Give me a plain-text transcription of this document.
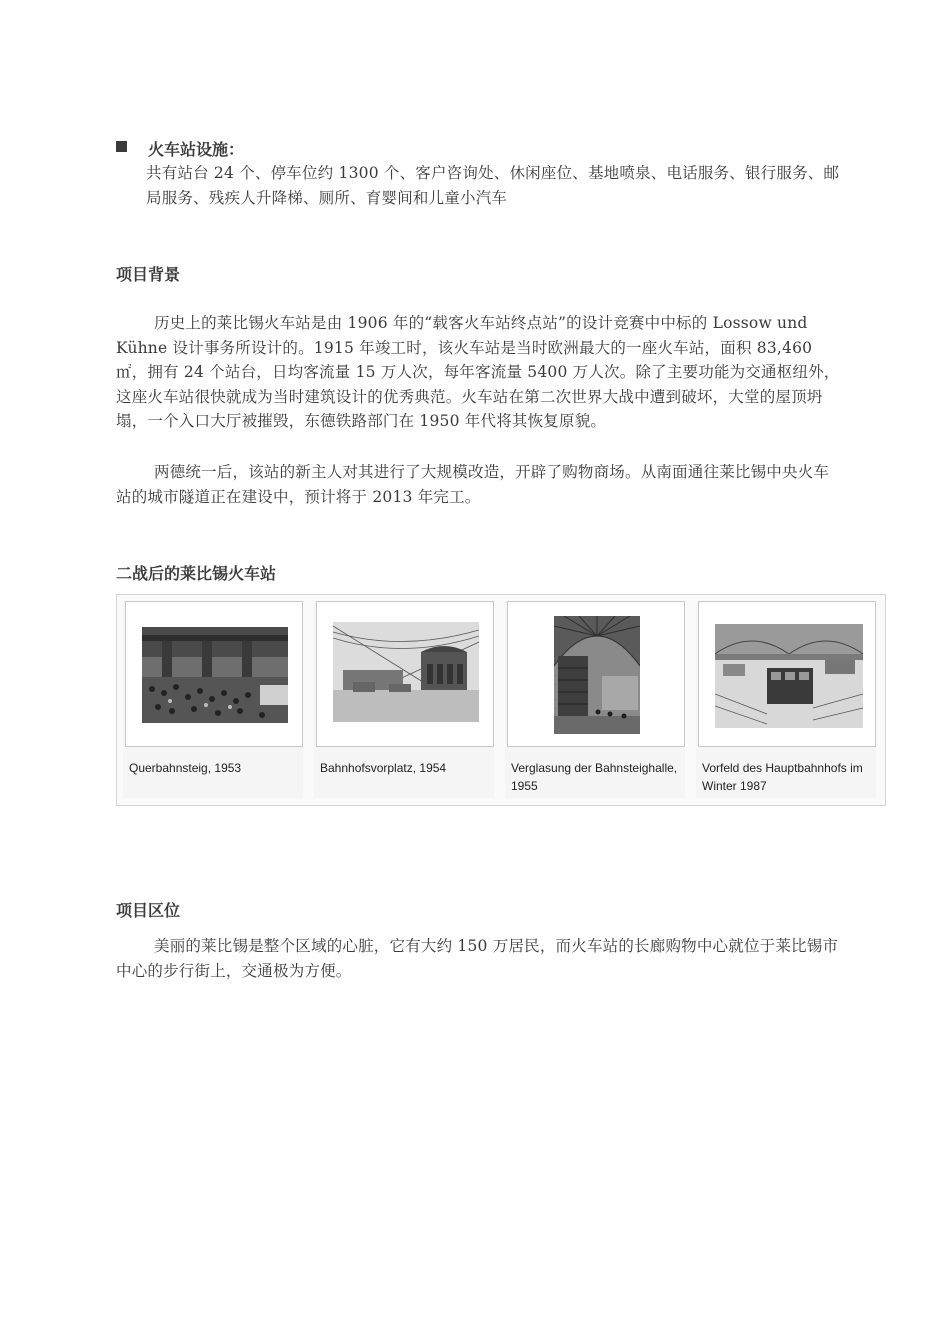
火车站设施：

共有站台 24 个、停车位约 1300 个、客户咨询处、休闲座位、基地喷泉、电话服务、银行服务、邮局服务、残疾人升降梯、厕所、育婴间和儿童小汽车

项目背景

历史上的莱比锡火车站是由 1906 年的“载客火车站终点站”的设计竞赛中中标的 Lossow und Kühne 设计事务所设计的。1915 年竣工时，该火车站是当时欧洲最大的一座火车站，面积 83,460 ㎡，拥有 24 个站台，日均客流量 15 万人次，每年客流量 5400 万人次。除了主要功能为交通枢纽外， 这座火车站很快就成为当时建筑设计的优秀典范。火车站在第二次世界大战中遭到破坏，大堂的屋顶坍塌，一个入口大厅被摧毁，东德铁路部门在 1950 年代将其恢复原貌。

两德统一后，该站的新主人对其进行了大规模改造，开辟了购物商场。从南面通往莱比锡中央火车站的城市隧道正在建设中，预计将于 2013 年完工。

二战后的莱比锡火车站

Querbahnsteig, 1953	Bahnhofsvorplatz, 1954	Verglasung der Bahnsteighalle, 1955

Vorfeld des Hauptbahnhofs im Winter 1987

项目区位

美丽的莱比锡是整个区域的心脏，它有大约 150 万居民，而火车站的长廊购物中心就位于莱比锡市中心的步行街上，交通极为方便。
